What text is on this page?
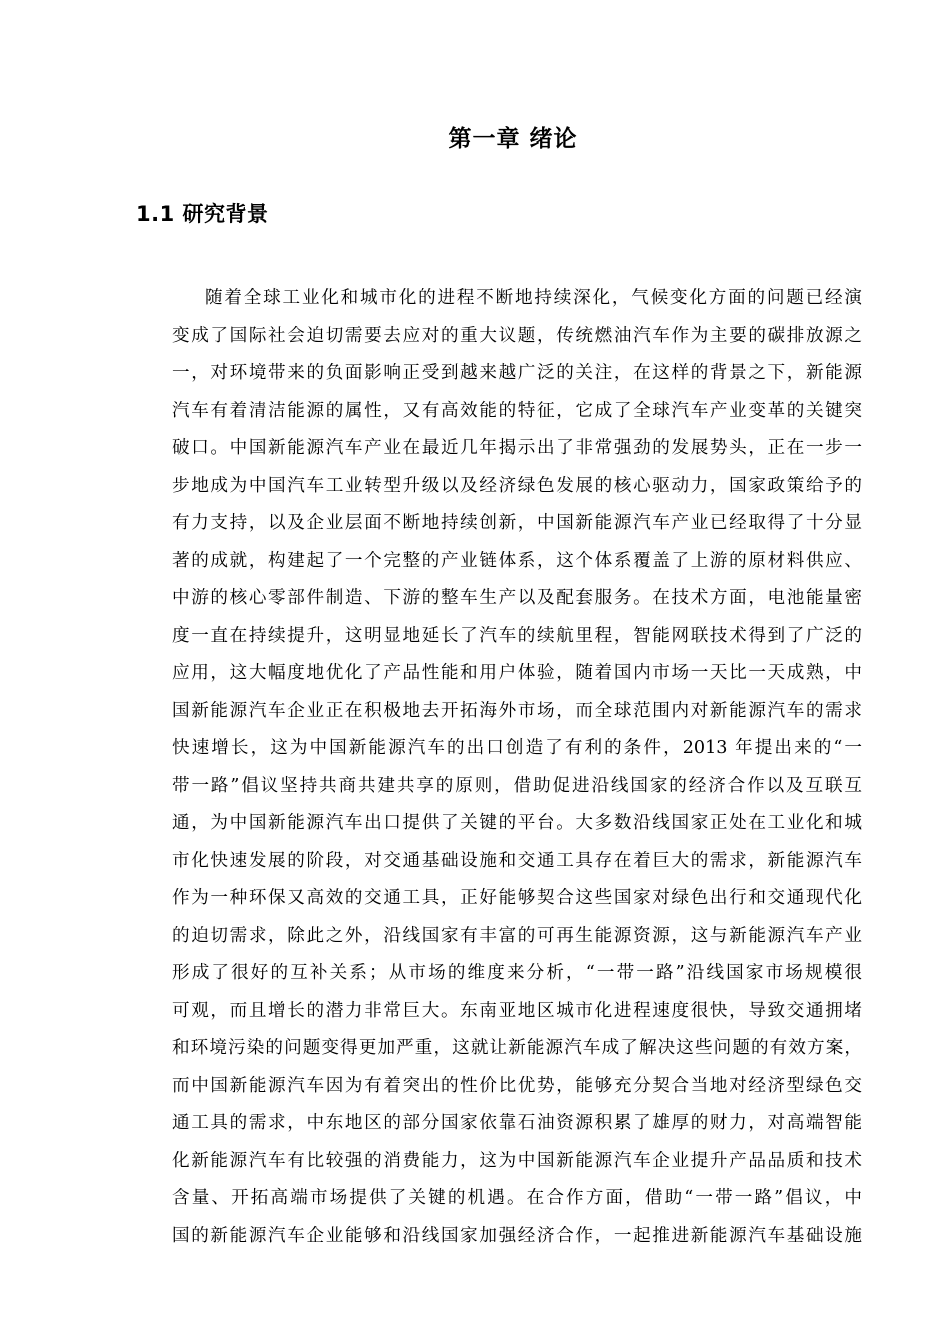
第一章 绪论
1.1 研究背景
随着全球工业化和城市化的进程不断地持续深化，气候变化方面的问题已经演
变成了国际社会迫切需要去应对的重大议题，传统燃油汽车作为主要的碳排放源之
一，对环境带来的负面影响正受到越来越广泛的关注，在这样的背景之下，新能源
汽车有着清洁能源的属性，又有高效能的特征，它成了全球汽车产业变革的关键突
破口。中国新能源汽车产业在最近几年揭示出了非常强劲的发展势头，正在一步一
步地成为中国汽车工业转型升级以及经济绿色发展的核心驱动力，国家政策给予的
有力支持，以及企业层面不断地持续创新，中国新能源汽车产业已经取得了十分显
著的成就，构建起了一个完整的产业链体系，这个体系覆盖了上游的原材料供应、
中游的核心零部件制造、下游的整车生产以及配套服务。在技术方面，电池能量密
度一直在持续提升，这明显地延长了汽车的续航里程，智能网联技术得到了广泛的
应用，这大幅度地优化了产品性能和用户体验，随着国内市场一天比一天成熟，中
国新能源汽车企业正在积极地去开拓海外市场，而全球范围内对新能源汽车的需求
快速增长，这为中国新能源汽车的出口创造了有利的条件，2013 年提出来的“一
带一路”倡议坚持共商共建共享的原则，借助促进沿线国家的经济合作以及互联互
通，为中国新能源汽车出口提供了关键的平台。大多数沿线国家正处在工业化和城
市化快速发展的阶段，对交通基础设施和交通工具存在着巨大的需求，新能源汽车
作为一种环保又高效的交通工具，正好能够契合这些国家对绿色出行和交通现代化
的迫切需求，除此之外，沿线国家有丰富的可再生能源资源，这与新能源汽车产业
形成了很好的互补关系；从市场的维度来分析，“一带一路”沿线国家市场规模很
可观，而且增长的潜力非常巨大。东南亚地区城市化进程速度很快，导致交通拥堵
和环境污染的问题变得更加严重，这就让新能源汽车成了解决这些问题的有效方案，
而中国新能源汽车因为有着突出的性价比优势，能够充分契合当地对经济型绿色交
通工具的需求，中东地区的部分国家依靠石油资源积累了雄厚的财力，对高端智能
化新能源汽车有比较强的消费能力，这为中国新能源汽车企业提升产品品质和技术
含量、开拓高端市场提供了关键的机遇。在合作方面，借助“一带一路”倡议，中
国的新能源汽车企业能够和沿线国家加强经济合作，一起推进新能源汽车基础设施
